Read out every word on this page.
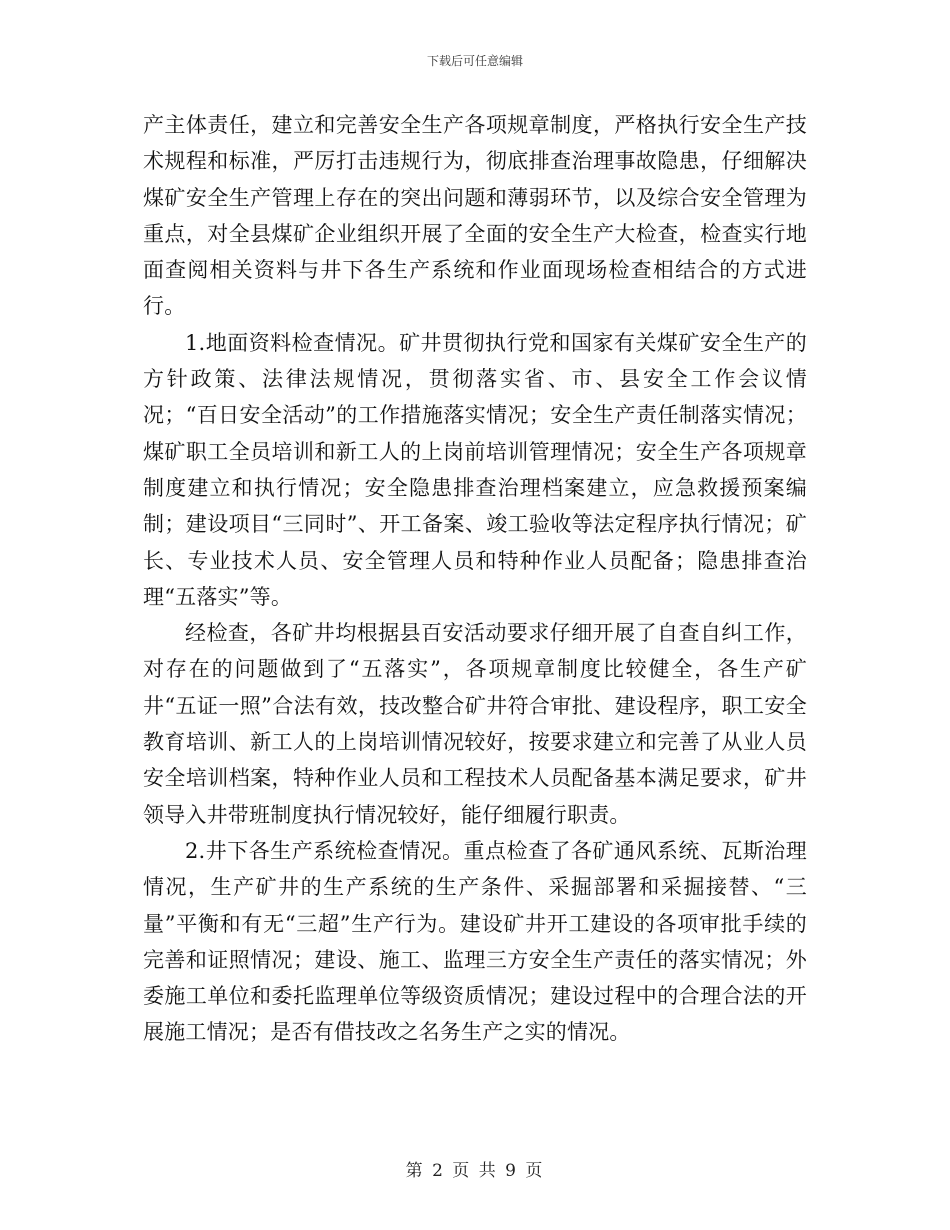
下载后可任意编辑

产主体责任，建立和完善安全生产各项规章制度，严格执行安全生产技术规程和标准，严厉打击违规行为，彻底排查治理事故隐患，仔细解决煤矿安全生产管理上存在的突出问题和薄弱环节，以及综合安全管理为重点，对全县煤矿企业组织开展了全面的安全生产大检查，检查实行地面查阅相关资料与井下各生产系统和作业面现场检查相结合的方式进行。

1.地面资料检查情况。矿井贯彻执行党和国家有关煤矿安全生产的方针政策、法律法规情况，贯彻落实省、市、县安全工作会议情况；“百日安全活动”的工作措施落实情况；安全生产责任制落实情况；煤矿职工全员培训和新工人的上岗前培训管理情况；安全生产各项规章制度建立和执行情况；安全隐患排查治理档案建立，应急救援预案编制；建设项目“三同时”、开工备案、竣工验收等法定程序执行情况；矿长、专业技术人员、安全管理人员和特种作业人员配备；隐患排查治理“五落实”等。

经检查，各矿井均根据县百安活动要求仔细开展了自查自纠工作，对存在的问题做到了“五落实”，各项规章制度比较健全，各生产矿井“五证一照”合法有效，技改整合矿井符合审批、建设程序，职工安全教育培训、新工人的上岗培训情况较好，按要求建立和完善了从业人员安全培训档案，特种作业人员和工程技术人员配备基本满足要求，矿井领导入井带班制度执行情况较好，能仔细履行职责。

2.井下各生产系统检查情况。重点检查了各矿通风系统、瓦斯治理情况，生产矿井的生产系统的生产条件、采掘部署和采掘接替、“三量”平衡和有无“三超”生产行为。建设矿井开工建设的各项审批手续的完善和证照情况；建设、施工、监理三方安全生产责任的落实情况；外委施工单位和委托监理单位等级资质情况；建设过程中的合理合法的开展施工情况；是否有借技改之名务生产之实的情况。

第 2 页 共 9 页
